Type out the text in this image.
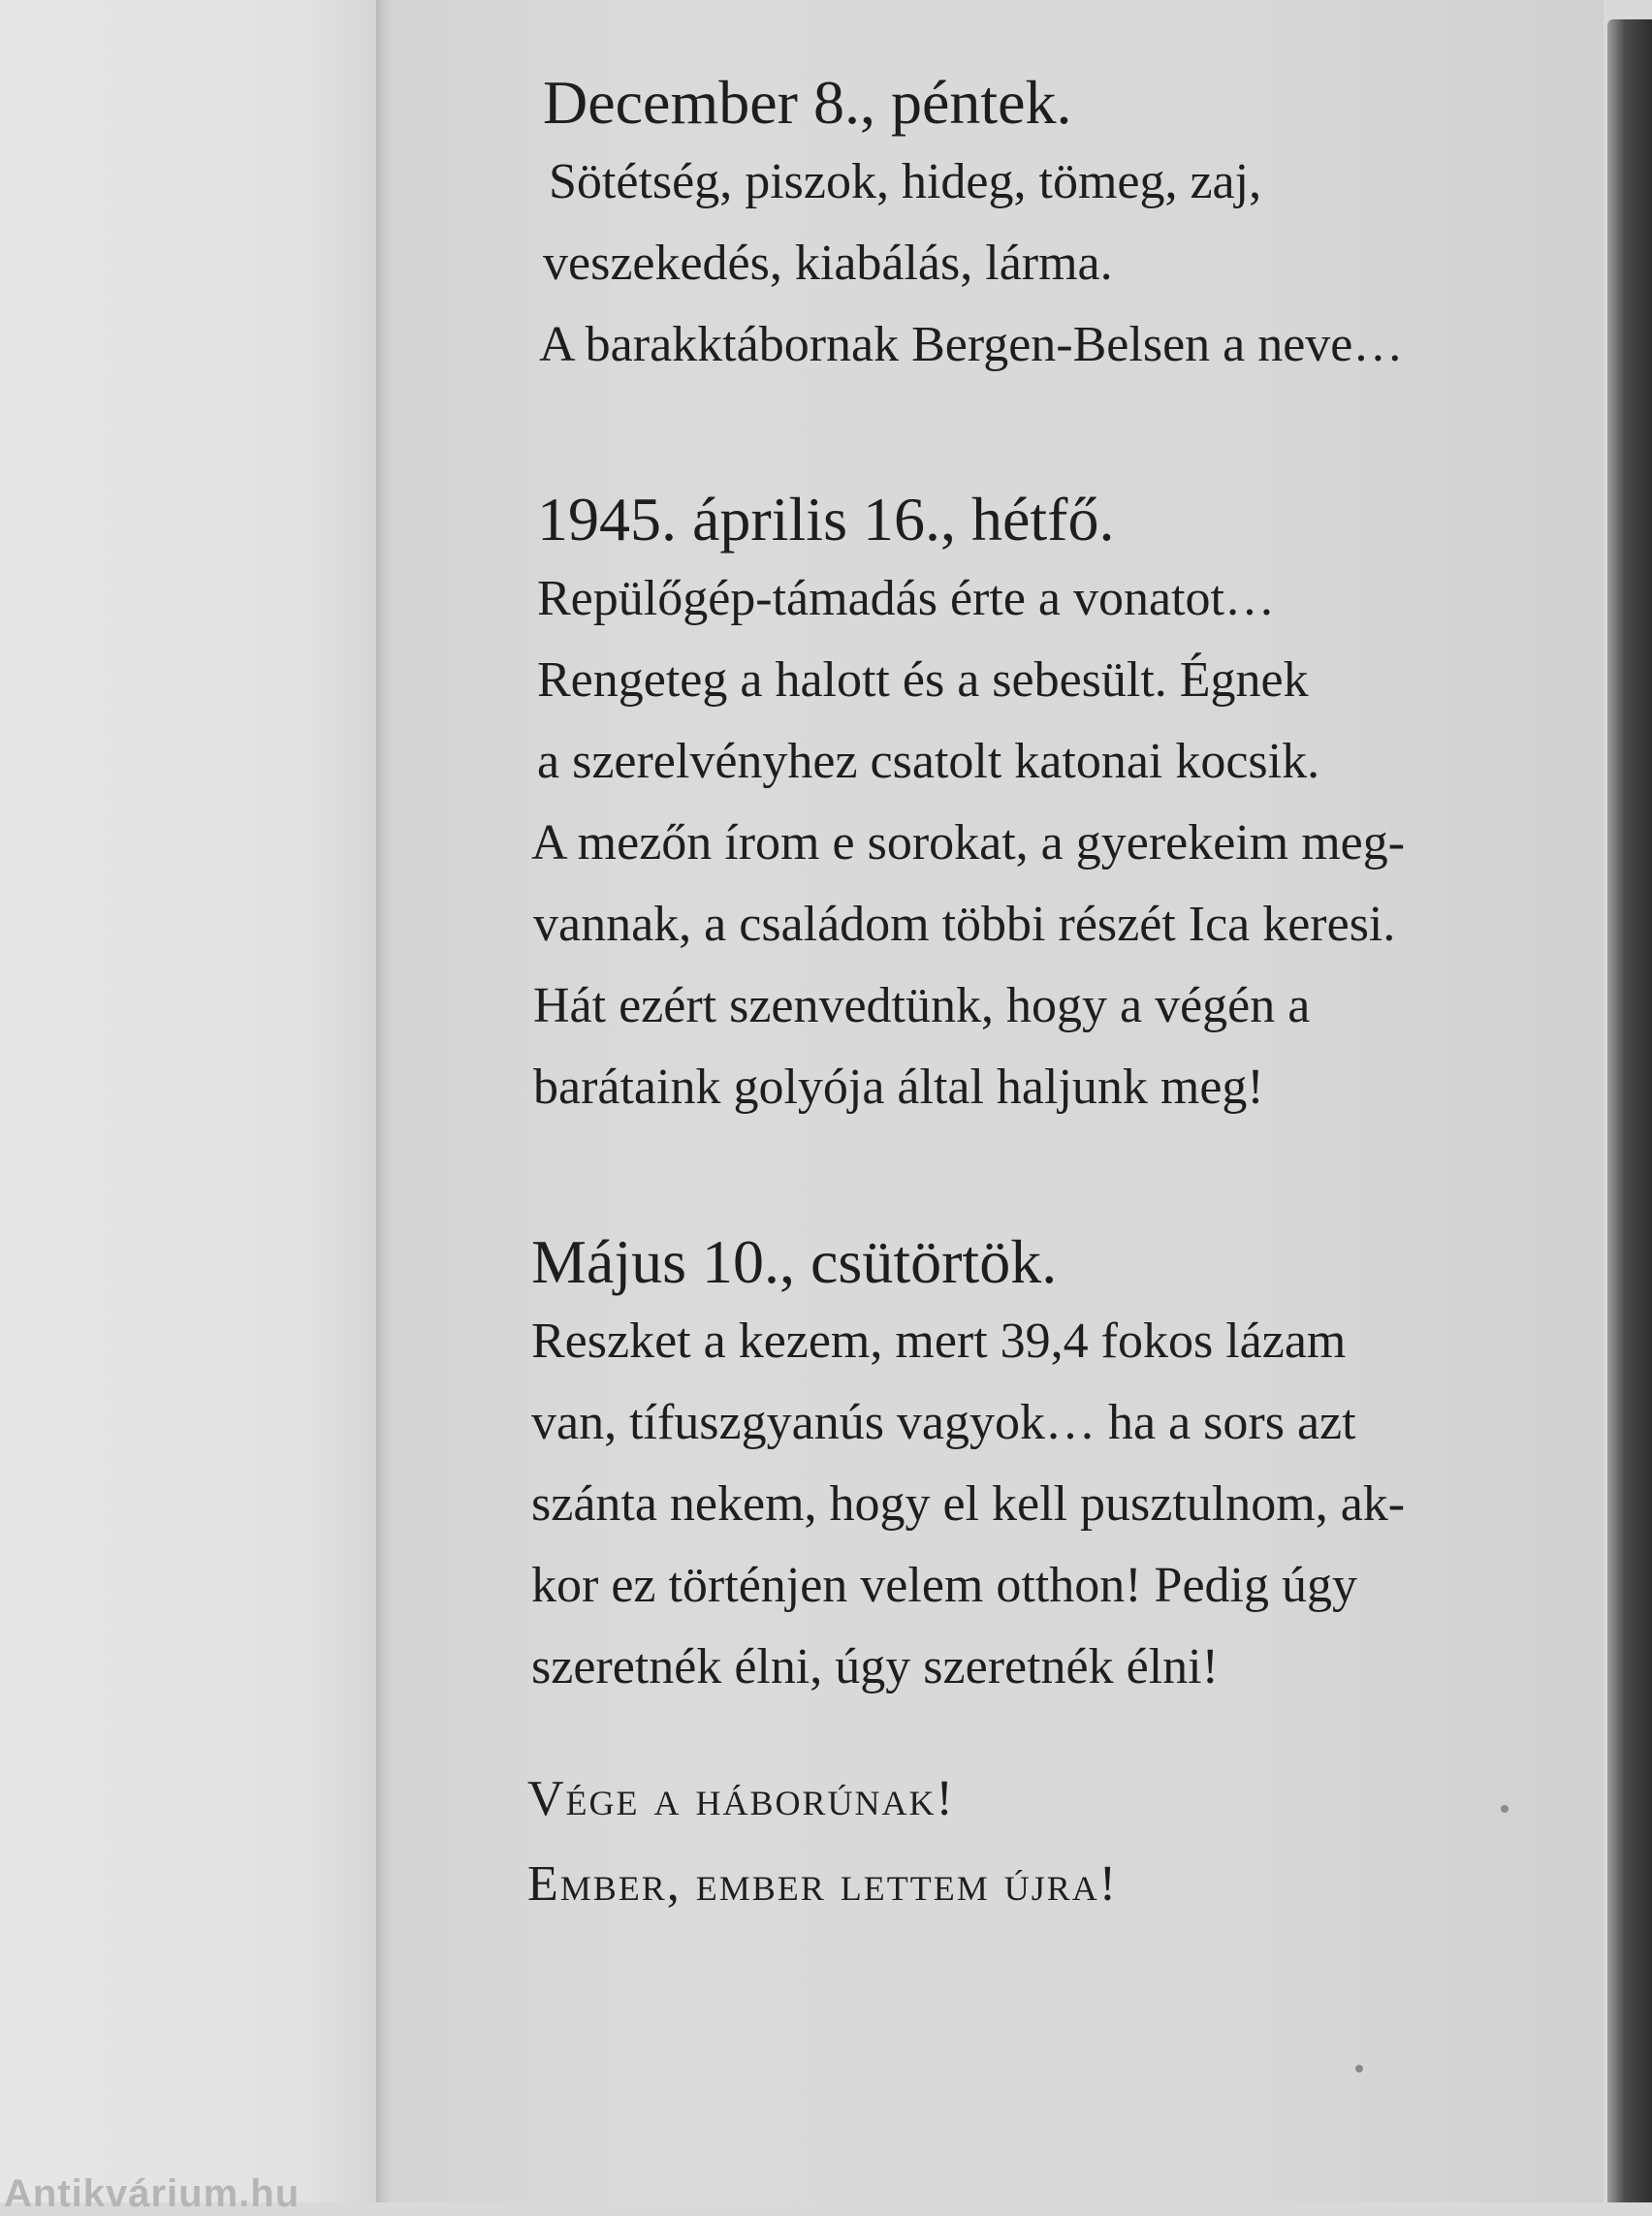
December 8., péntek.
Sötétség, piszok, hideg, tömeg, zaj,
veszekedés, kiabálás, lárma.
A barakktábornak Bergen-Belsen a neve…
1945. április 16., hétfő.
Repülőgép-támadás érte a vonatot…
Rengeteg a halott és a sebesült. Égnek
a szerelvényhez csatolt katonai kocsik.
A mezőn írom e sorokat, a gyerekeim meg-
vannak, a családom többi részét Ica keresi.
Hát ezért szenvedtünk, hogy a végén a
barátaink golyója által haljunk meg!
Május 10., csütörtök.
Reszket a kezem, mert 39,4 fokos lázam
van, tífuszgyanús vagyok… ha a sors azt
szánta nekem, hogy el kell pusztulnom, ak-
kor ez történjen velem otthon! Pedig úgy
szeretnék élni, úgy szeretnék élni!
Vége a háborúnak!
Ember, ember lettem újra!
Antikvárium.hu
